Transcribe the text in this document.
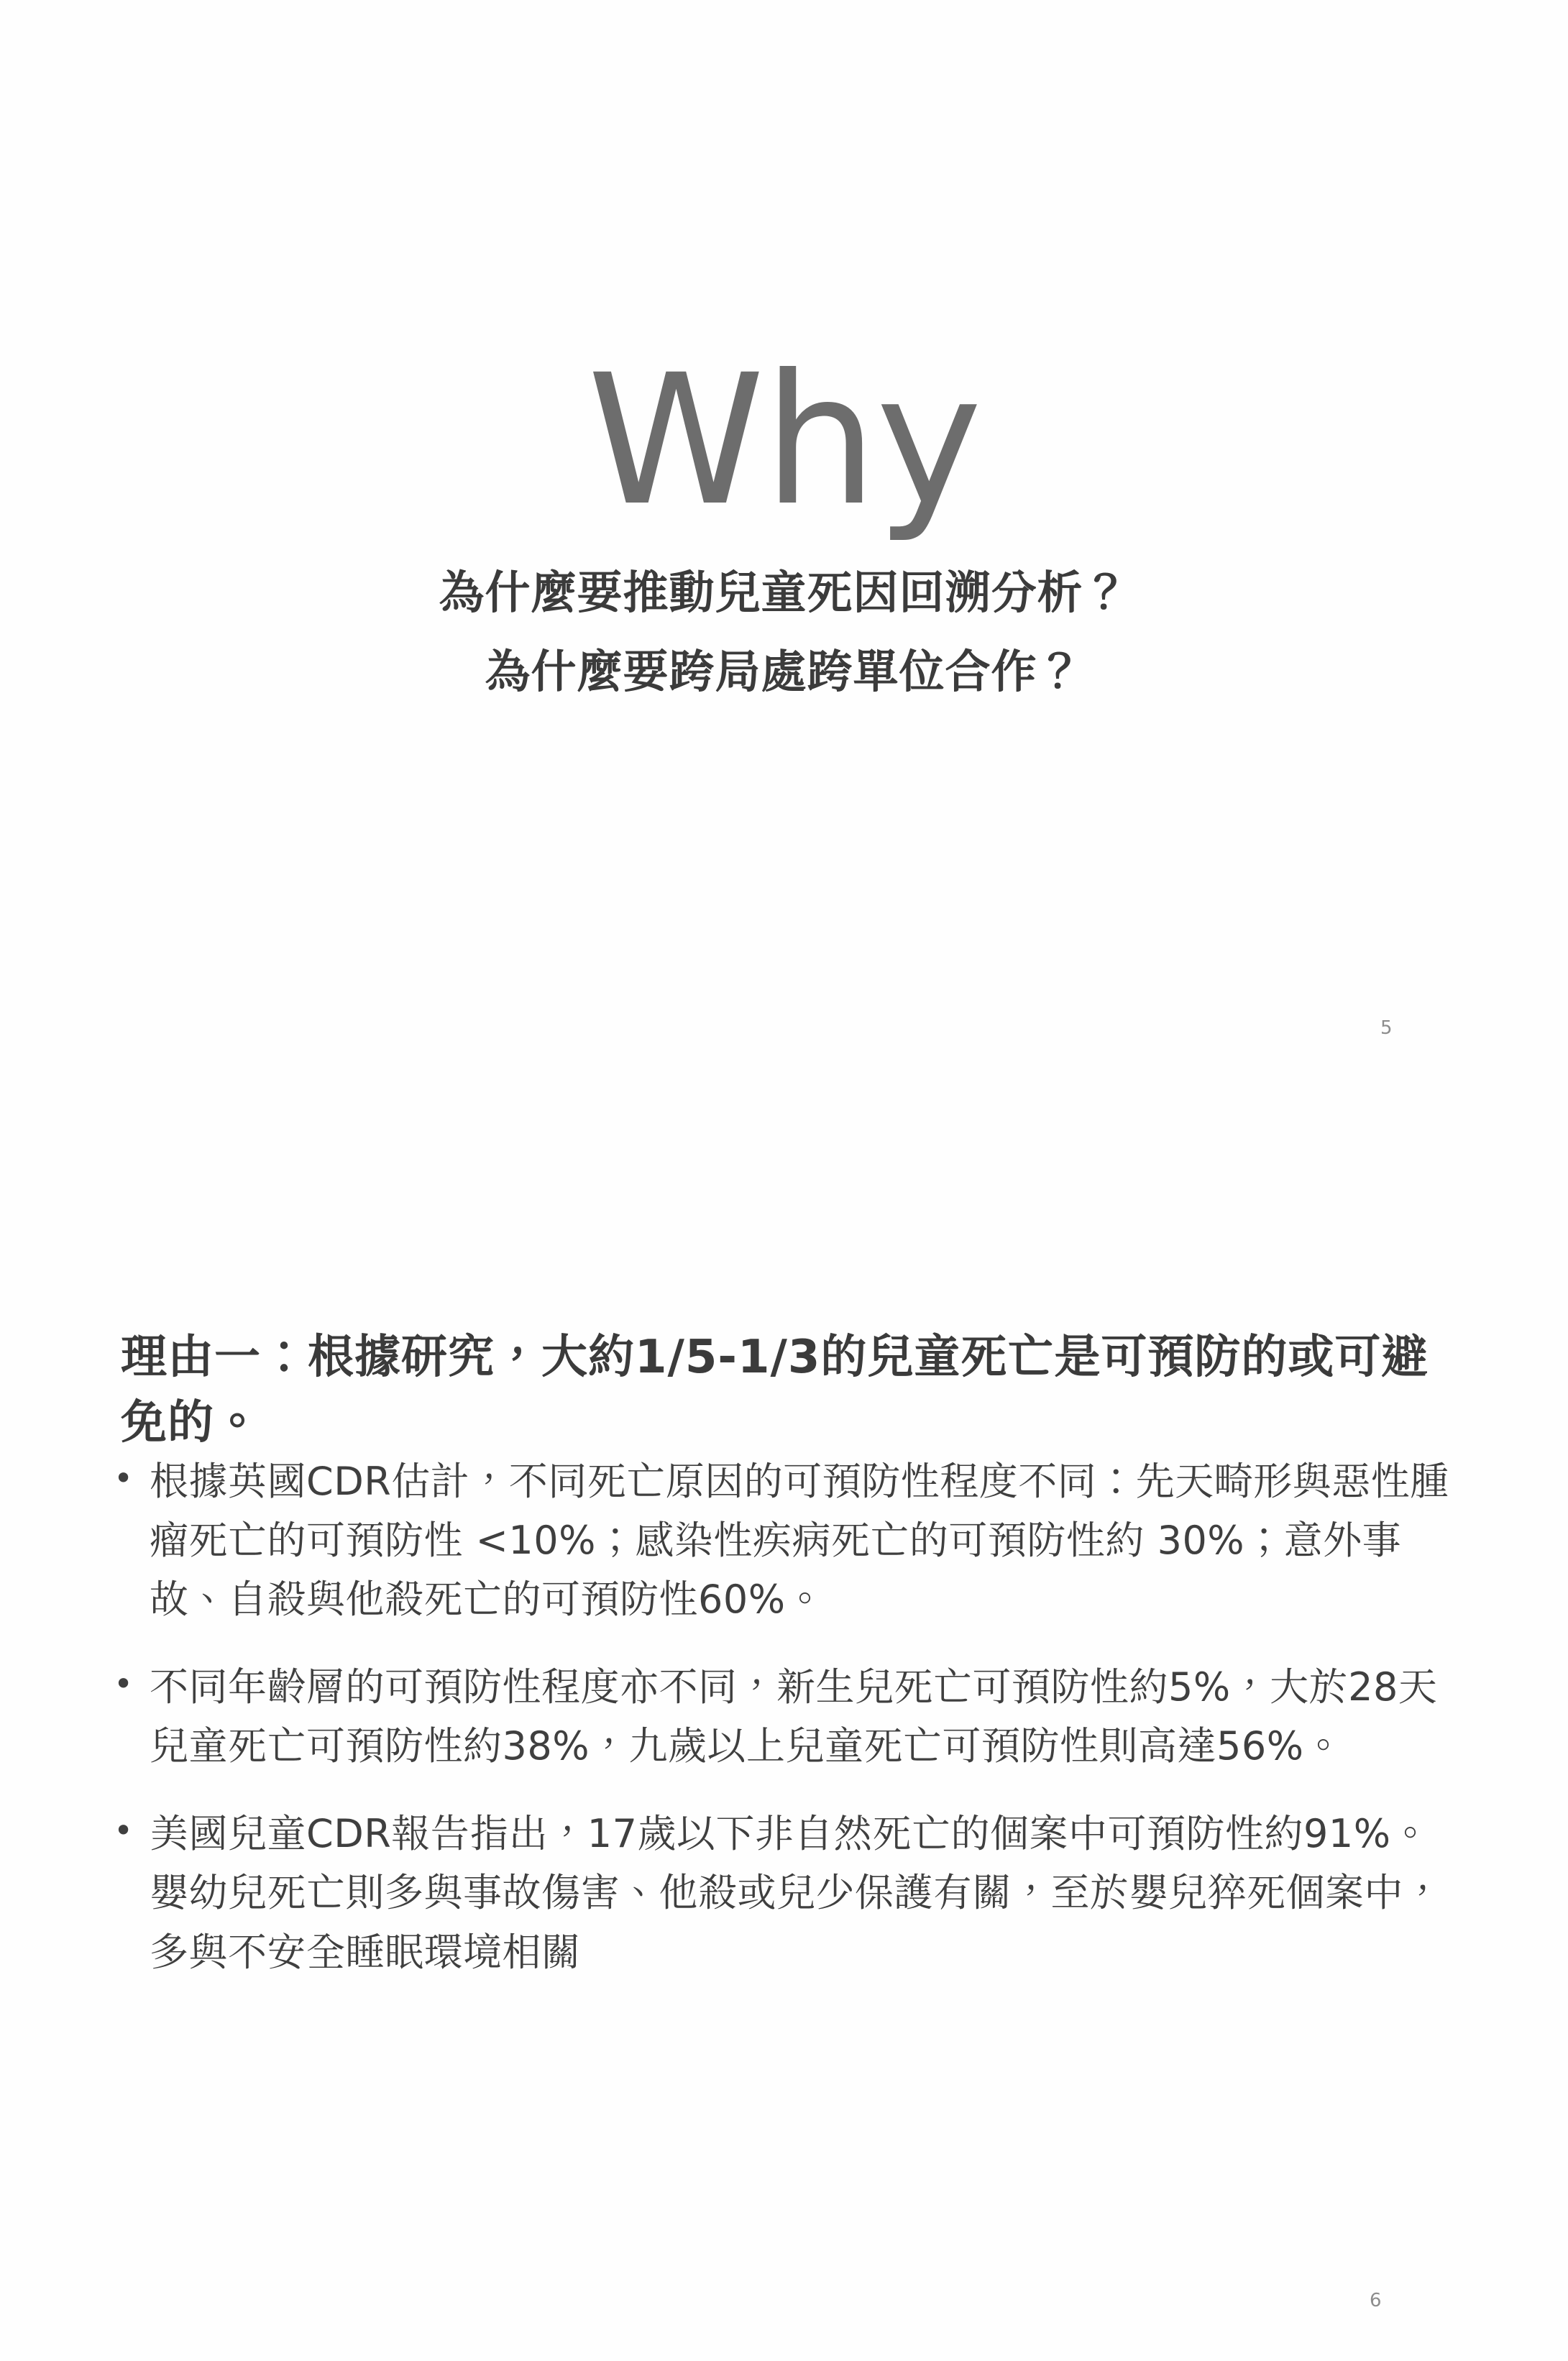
Why
為什麼要推動兒童死因回溯分析？
為什麼要跨局處跨單位合作？
5
理由一：根據研究，大約1/5-1/3的兒童死亡是可預防的或可避免的。
• 根據英國CDR估計，不同死亡原因的可預防性程度不同：先天畸形與惡性腫瘤死亡的可預防性 <10%；感染性疾病死亡的可預防性約 30%；意外事故、自殺與他殺死亡的可預防性60%。
• 不同年齡層的可預防性程度亦不同，新生兒死亡可預防性約5%，大於28天兒童死亡可預防性約38%，九歲以上兒童死亡可預防性則高達56%。
• 美國兒童CDR報告指出，17歲以下非自然死亡的個案中可預防性約91%。嬰幼兒死亡則多與事故傷害、他殺或兒少保護有關，至於嬰兒猝死個案中，多與不安全睡眠環境相關
6
